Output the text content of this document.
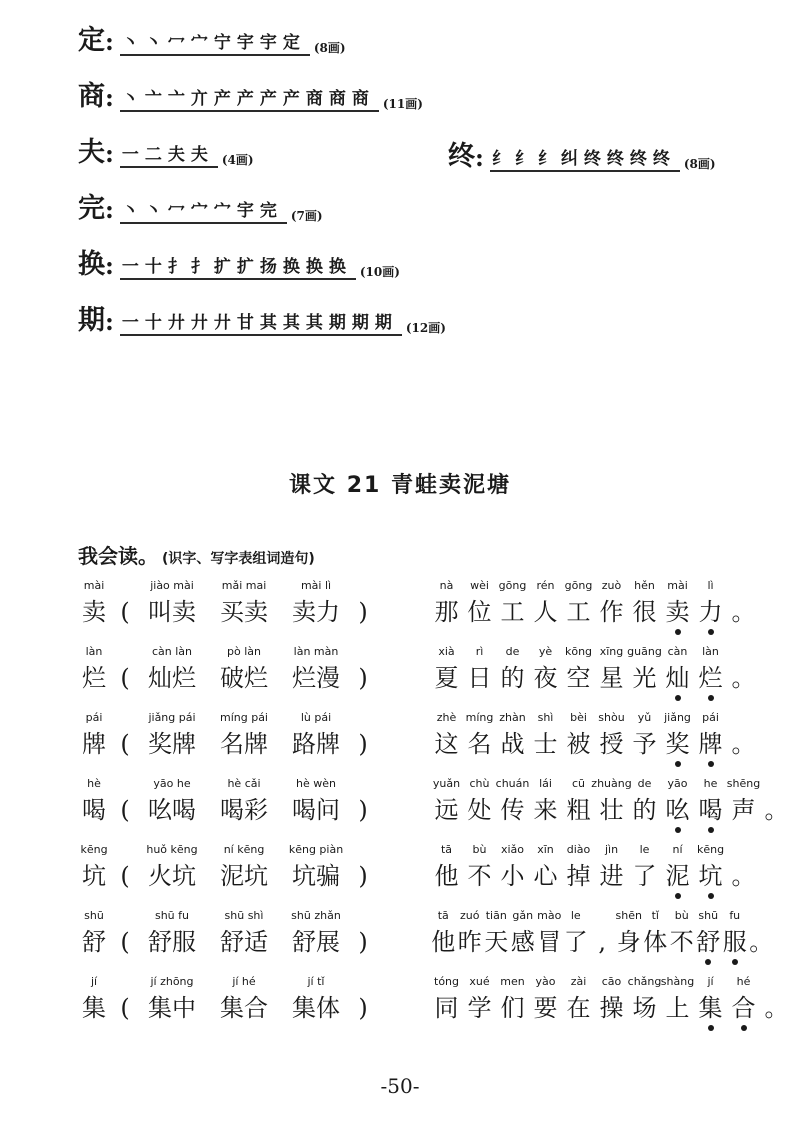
定 : 丶丶冖宀宁宇宇定 (8画)
商 : 丶亠亠亣产产产产商商商 (11画)
夫 : 一二夫夫 (4画)	终 : 纟纟纟纠终终终终 (8画)
完 : 丶丶冖宀宀宇完 (7画)
换 : 一十扌扌扩扩扬换换换 (10画)
期 : 一十廾廾廾甘其其其期期期 (12画)
课文 21 青蛙卖泥塘
我会读。 (识字、写字表组词造句)
mài
卖 (
jiào mài
叫卖
mǎi mai
买卖
mài lì
卖力 )
nà
那
wèi
位
gōng
工
rén
人
gōng
工
zuò
作
hěn
很
mài
卖
lì
力 。
làn
烂 (
càn làn
灿烂
pò làn
破烂
làn màn
烂漫 )
xià
夏
rì
日
de
的
yè
夜
kōng
空
xīng
星
guāng
光
càn
灿
làn
烂 。
pái
牌 (
jiǎng pái
奖牌
míng pái
名牌
lù pái
路牌 )
zhè
这
míng
名
zhàn
战
shì
士
bèi
被
shòu
授
yǔ
予
jiǎng
奖
pái
牌 。
hè
喝 (
yāo he
吆喝
hè cǎi
喝彩
hè wèn
喝问 )
yuǎn
远
chù
处
chuán
传
lái
来
cū
粗
zhuàng
壮
de
的
yāo
吆
he
喝
shēng
声 。
kēng
坑 (
huǒ kēng
火坑
ní kēng
泥坑
kēng piàn
坑骗 )
tā
他
bù
不
xiǎo
小
xīn
心
diào
掉
jìn
进
le
了
ní
泥
kēng
坑 。
shū
舒 (
shū fu
舒服
shū shì
舒适
shū zhǎn
舒展 )
tā
他
zuó
昨
tiān
天
gǎn
感
mào
冒
le
了 ,
shēn
身
tǐ
体
bù
不
shū
舒
fu
服 。
jí
集 (
jí zhōng
集中
jí hé
集合
jí tǐ
集体 )
tóng
同
xué
学
men
们
yào
要
zài
在
cāo
操
chǎng
场
shàng
上
jí
集
hé
合 。
-50-
